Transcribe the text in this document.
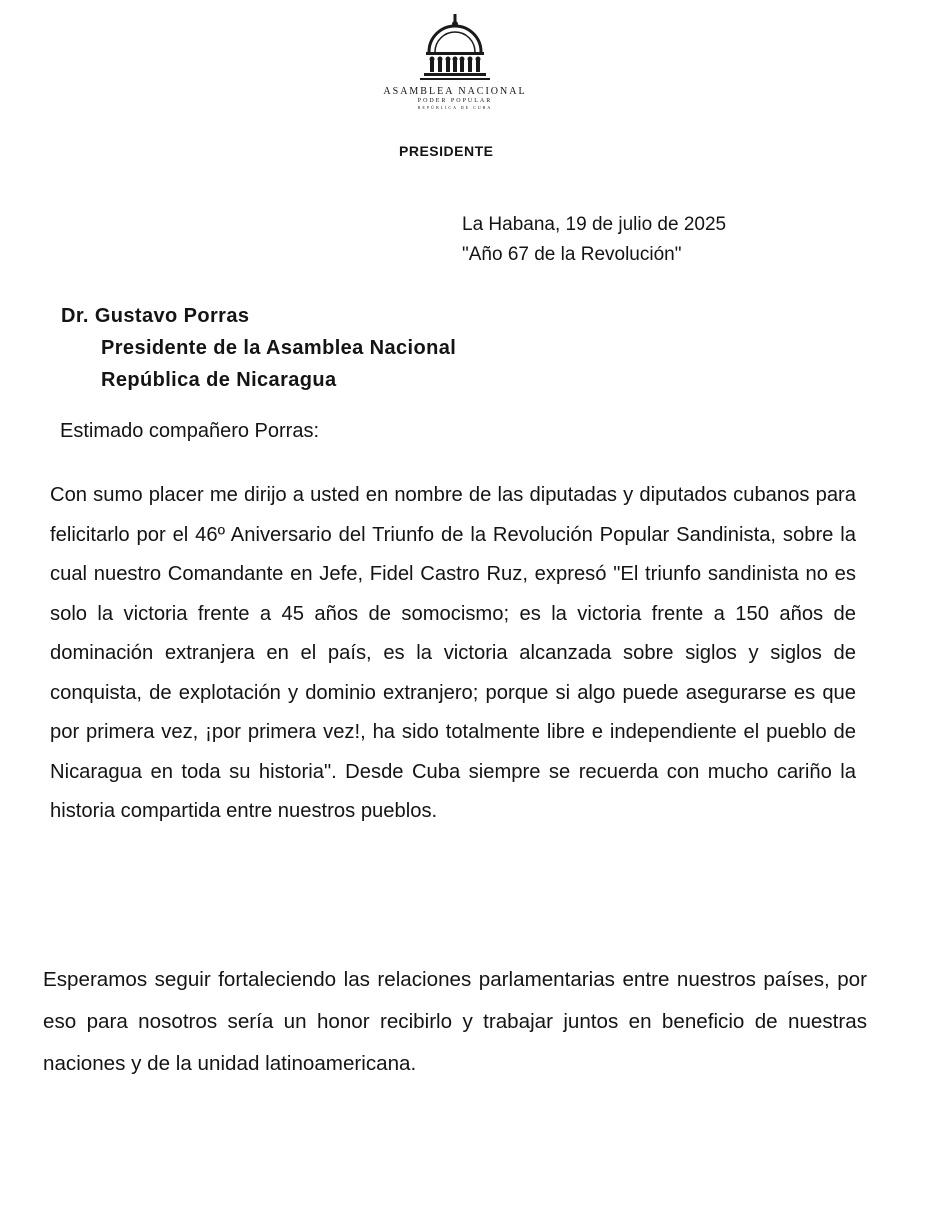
ASAMBLEA NACIONAL
PODER POPULAR
REPÚBLICA DE CUBA
PRESIDENTE
La Habana, 19 de julio de 2025
"Año 67 de la Revolución"
Dr. Gustavo Porras
Presidente de la Asamblea Nacional
República de Nicaragua
Estimado compañero Porras:
Con sumo placer me dirijo a usted en nombre de las diputadas y diputados cubanos para felicitarlo por el 46º Aniversario del Triunfo de la Revolución Popular Sandinista, sobre la cual nuestro Comandante en Jefe, Fidel Castro Ruz, expresó "El triunfo sandinista no es solo la victoria frente a 45 años de somocismo; es la victoria frente a 150 años de dominación extranjera en el país, es la victoria alcanzada sobre siglos y siglos de conquista, de explotación y dominio extranjero; porque si algo puede asegurarse es que por primera vez, ¡por primera vez!, ha sido totalmente libre e independiente el pueblo de Nicaragua en toda su historia". Desde Cuba siempre se recuerda con mucho cariño la historia compartida entre nuestros pueblos.
Esperamos seguir fortaleciendo las relaciones parlamentarias entre nuestros países, por eso para nosotros sería un honor recibirlo y trabajar juntos en beneficio de nuestras naciones y de la unidad latinoamericana.
